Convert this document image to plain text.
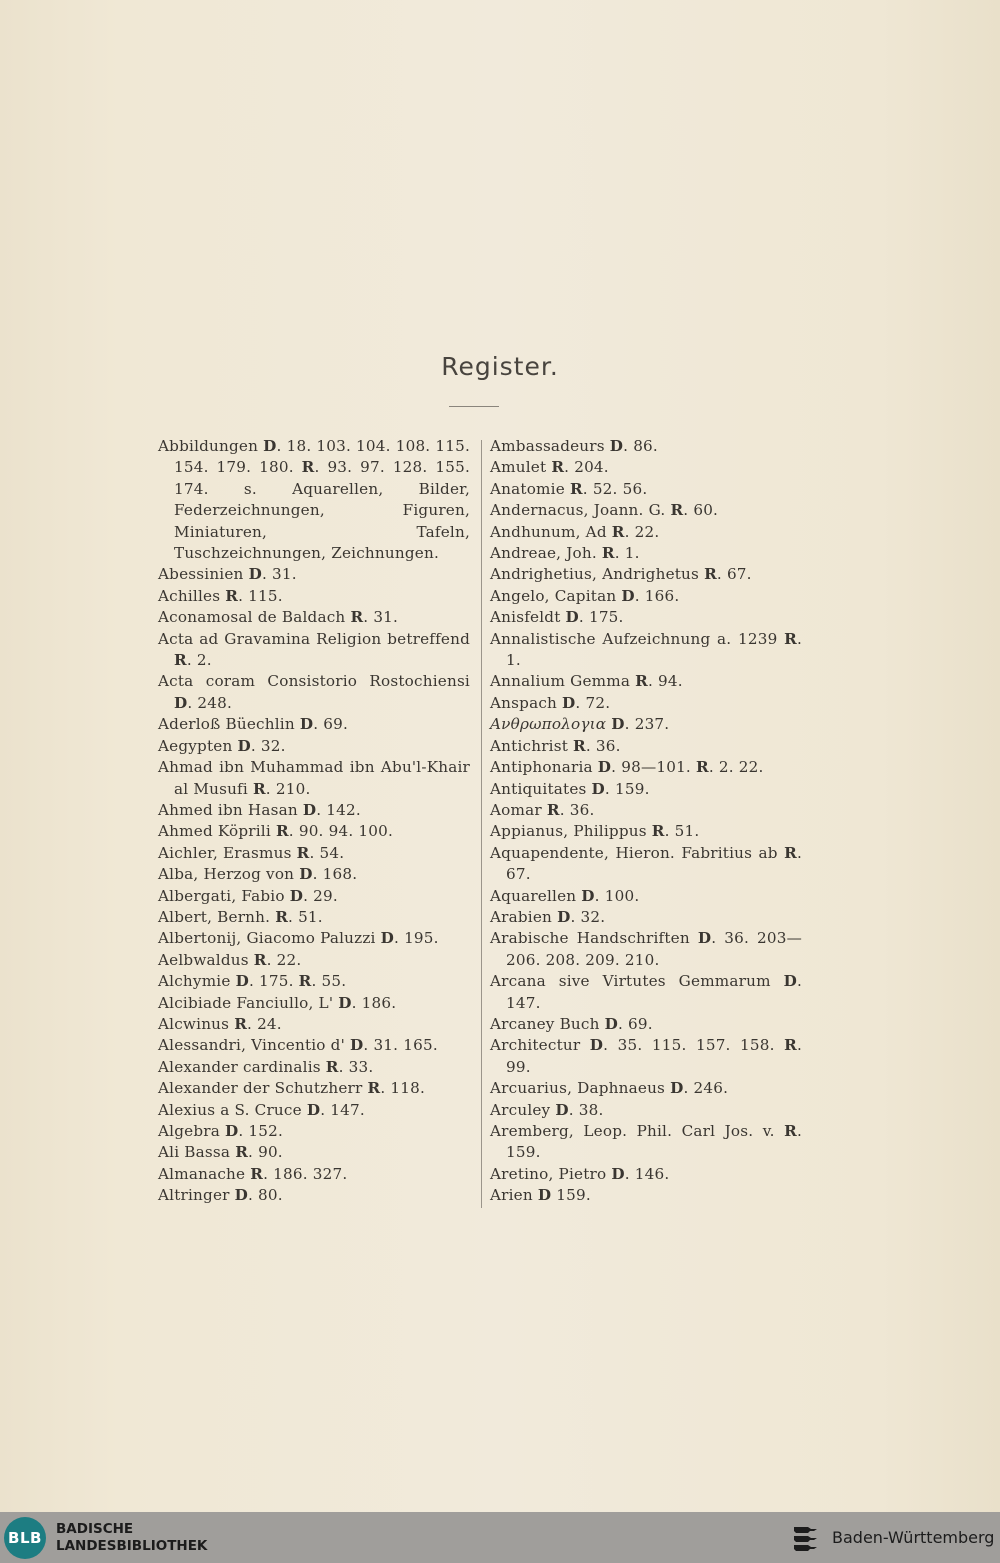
Register.
Abbildungen D. 18. 103. 104. 108. 115. 154. 179. 180. R. 93. 97. 128. 155. 174. s. Aquarellen, Bilder, Federzeichnungen, Figuren, Miniaturen, Tafeln, Tuschzeichnungen, Zeichnungen.
Abessinien D. 31.
Achilles R. 115.
Aconamosal de Baldach R. 31.
Acta ad Gravamina Religion betreffend R. 2.
Acta coram Consistorio Rostochiensi D. 248.
Aderloß Büechlin D. 69.
Aegypten D. 32.
Ahmad ibn Muhammad ibn Abu'l-Khair al Musufi R. 210.
Ahmed ibn Hasan D. 142.
Ahmed Köprili R. 90. 94. 100.
Aichler, Erasmus R. 54.
Alba, Herzog von D. 168.
Albergati, Fabio D. 29.
Albert, Bernh. R. 51.
Albertonij, Giacomo Paluzzi D. 195.
Aelbwaldus R. 22.
Alchymie D. 175. R. 55.
Alcibiade Fanciullo, L' D. 186.
Alcwinus R. 24.
Alessandri, Vincentio d' D. 31. 165.
Alexander cardinalis R. 33.
Alexander der Schutzherr R. 118.
Alexius a S. Cruce D. 147.
Algebra D. 152.
Ali Bassa R. 90.
Almanache R. 186. 327.
Altringer D. 80.
Ambassadeurs D. 86.
Amulet R. 204.
Anatomie R. 52. 56.
Andernacus, Joann. G. R. 60.
Andhunum, Ad R. 22.
Andreae, Joh. R. 1.
Andrighetius, Andrighetus R. 67.
Angelo, Capitan D. 166.
Anisfeldt D. 175.
Annalistische Aufzeichnung a. 1239 R. 1.
Annalium Gemma R. 94.
Anspach D. 72.
Ανθρωπολογια D. 237.
Antichrist R. 36.
Antiphonaria D. 98—101. R. 2. 22.
Antiquitates D. 159.
Aomar R. 36.
Appianus, Philippus R. 51.
Aquapendente, Hieron. Fabritius ab R. 67.
Aquarellen D. 100.
Arabien D. 32.
Arabische Handschriften D. 36. 203—206. 208. 209. 210.
Arcana sive Virtutes Gemmarum D. 147.
Arcaney Buch D. 69.
Architectur D. 35. 115. 157. 158. R. 99.
Arcuarius, Daphnaeus D. 246.
Arculey D. 38.
Aremberg, Leop. Phil. Carl Jos. v. R. 159.
Aretino, Pietro D. 146.
Arien D 159.
BLB BADISCHE
LANDESBIBLIOTHEK	Baden-Württemberg
